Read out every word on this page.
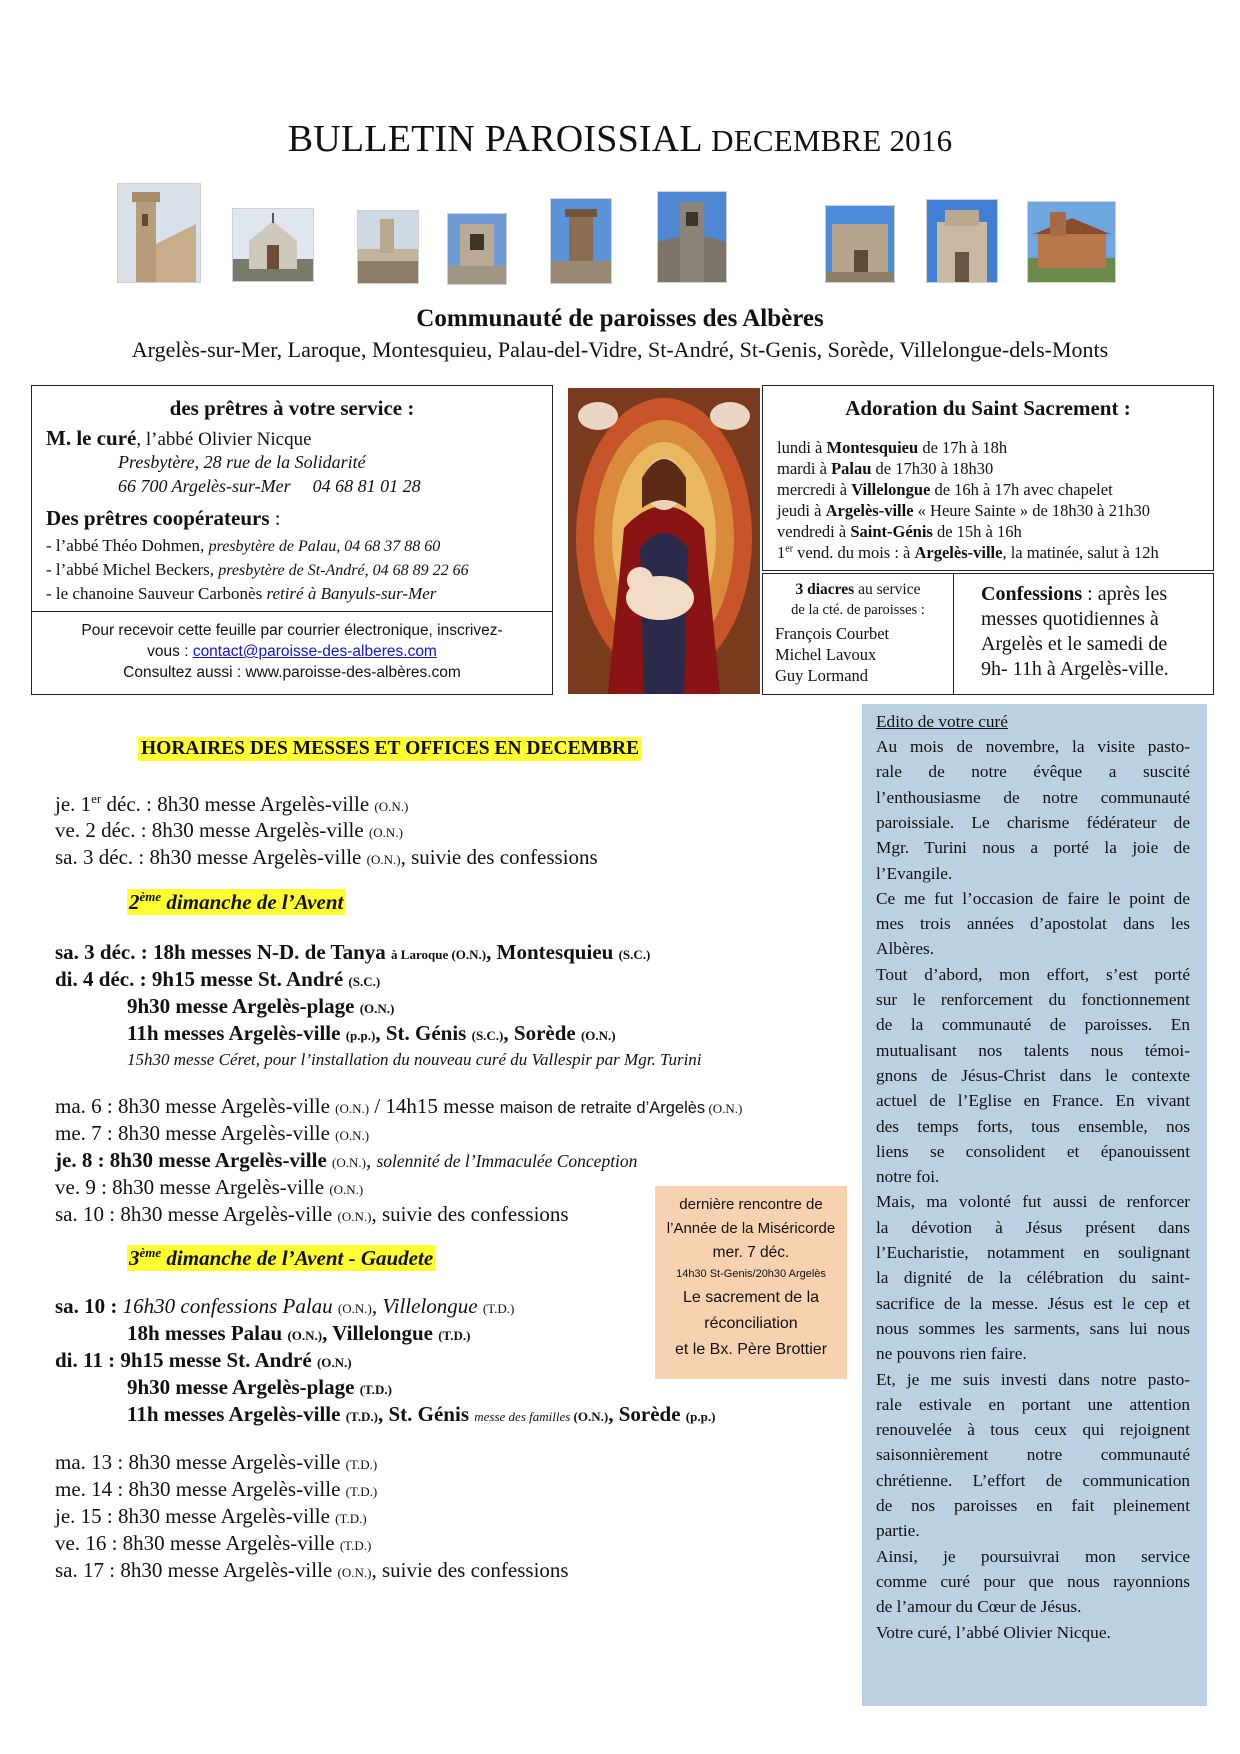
BULLETIN PAROISSIAL DECEMBRE 2016
Communauté de paroisses des Albères
Argelès-sur-Mer, Laroque, Montesquieu, Palau-del-Vidre, St-André, St-Genis, Sorède, Villelongue-dels-Monts
des prêtres à votre service :
M. le curé, l’abbé Olivier Nicque
Presbytère, 28 rue de la Solidarité
66 700 Argelès-sur-Mer 04 68 81 01 28
Des prêtres coopérateurs :
- l’abbé Théo Dohmen, presbytère de Palau, 04 68 37 88 60
- l’abbé Michel Beckers, presbytère de St-André, 04 68 89 22 66
- le chanoine Sauveur Carbonès retiré à Banyuls-sur-Mer
Pour recevoir cette feuille par courrier électronique, inscrivez-
vous : contact@paroisse-des-alberes.com
Consultez aussi : www.paroisse-des-albères.com
Adoration du Saint Sacrement :
lundi à Montesquieu de 17h à 18h
mardi à Palau de 17h30 à 18h30
mercredi à Villelongue de 16h à 17h avec chapelet
jeudi à Argelès-ville « Heure Sainte » de 18h30 à 21h30
vendredi à Saint-Génis de 15h à 16h
1er vend. du mois : à Argelès-ville, la matinée, salut à 12h
3 diacres au service
de la cté. de paroisses :
François Courbet
Michel Lavoux
Guy Lormand
Confessions : après les
messes quotidiennes à
Argelès et le samedi de
9h- 11h à Argelès-ville.
HORAIRES DES MESSES ET OFFICES EN DECEMBRE
je. 1er déc. : 8h30 messe Argelès-ville (O.N.)
ve. 2 déc. : 8h30 messe Argelès-ville (O.N.)
sa. 3 déc. : 8h30 messe Argelès-ville (O.N.), suivie des confessions
2ème dimanche de l’Avent
sa. 3 déc. : 18h messes N-D. de Tanya à Laroque (O.N.), Montesquieu (S.C.)
di. 4 déc. : 9h15 messe St. André (S.C.)
9h30 messe Argelès-plage (O.N.)
11h messes Argelès-ville (p.p.), St. Génis (S.C.), Sorède (O.N.)
15h30 messe Céret, pour l’installation du nouveau curé du Vallespir par Mgr. Turini
ma. 6 : 8h30 messe Argelès-ville (O.N.) / 14h15 messe maison de retraite d’Argelès (O.N.)
me. 7 : 8h30 messe Argelès-ville (O.N.)
je. 8 : 8h30 messe Argelès-ville (O.N.), solennité de l’Immaculée Conception
ve. 9 : 8h30 messe Argelès-ville (O.N.)
sa. 10 : 8h30 messe Argelès-ville (O.N.), suivie des confessions
3ème dimanche de l’Avent - Gaudete
sa. 10 : 16h30 confessions Palau (O.N.), Villelongue (T.D.)
18h messes Palau (O.N.), Villelongue (T.D.)
di. 11 : 9h15 messe St. André (O.N.)
9h30 messe Argelès-plage (T.D.)
11h messes Argelès-ville (T.D.), St. Génis messe des familles (O.N.), Sorède (p.p.)
ma. 13 : 8h30 messe Argelès-ville (T.D.)
me. 14 : 8h30 messe Argelès-ville (T.D.)
je. 15 : 8h30 messe Argelès-ville (T.D.)
ve. 16 : 8h30 messe Argelès-ville (T.D.)
sa. 17 : 8h30 messe Argelès-ville (O.N.), suivie des confessions
dernière rencontre de
l’Année de la Miséricorde
mer. 7 déc.
14h30 St-Genis/20h30 Argelès
Le sacrement de la
réconciliation
et le Bx. Père Brottier
Edito de votre curé
Au mois de novembre, la visite pasto-
rale de notre évêque a suscité
l’enthousiasme de notre communauté
paroissiale. Le charisme fédérateur de
Mgr. Turini nous a porté la joie de
l’Evangile.
Ce me fut l’occasion de faire le point de
mes trois années d’apostolat dans les
Albères.
Tout d’abord, mon effort, s’est porté
sur le renforcement du fonctionnement
de la communauté de paroisses. En
mutualisant nos talents nous témoi-
gnons de Jésus-Christ dans le contexte
actuel de l’Eglise en France. En vivant
des temps forts, tous ensemble, nos
liens se consolident et épanouissent
notre foi.
Mais, ma volonté fut aussi de renforcer
la dévotion à Jésus présent dans
l’Eucharistie, notamment en soulignant
la dignité de la célébration du saint-
sacrifice de la messe. Jésus est le cep et
nous sommes les sarments, sans lui nous
ne pouvons rien faire.
Et, je me suis investi dans notre pasto-
rale estivale en portant une attention
renouvelée à tous ceux qui rejoignent
saisonnièrement notre communauté
chrétienne. L’effort de communication
de nos paroisses en fait pleinement
partie.
Ainsi, je poursuivrai mon service
comme curé pour que nous rayonnions
de l’amour du Cœur de Jésus.
Votre curé, l’abbé Olivier Nicque.
